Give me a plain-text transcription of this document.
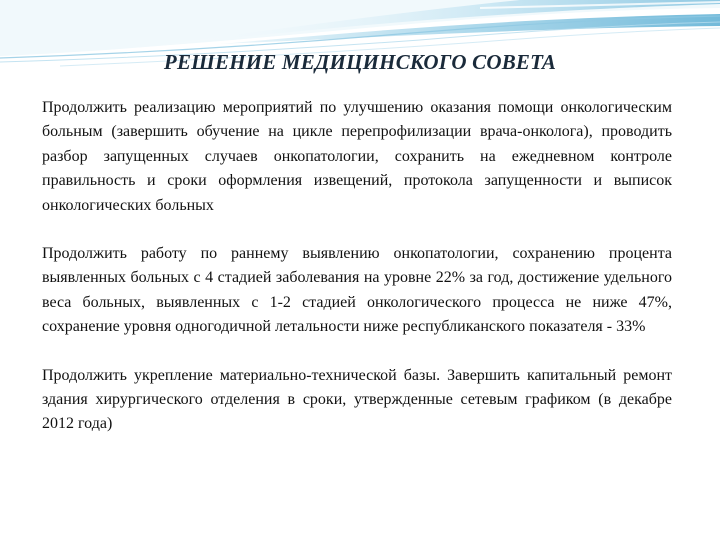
РЕШЕНИЕ МЕДИЦИНСКОГО СОВЕТА

Продолжить реализацию мероприятий по улучшению оказания помощи онкологическим больным (завершить обучение на цикле перепрофилизации врача-онколога), проводить разбор запущенных случаев онкопатологии, сохранить на ежедневном контроле правильность и сроки оформления извещений, протокола запущенности и выписок онкологических больных

Продолжить работу по раннему выявлению онкопатологии, сохранению процента выявленных больных с 4 стадией заболевания на уровне 22% за год, достижение удельного веса больных, выявленных с 1-2 стадией онкологического процесса не ниже 47%, сохранение уровня одногодичной летальности ниже республиканского показателя - 33%

Продолжить укрепление материально-технической базы. Завершить капитальный ремонт здания хирургического отделения в сроки, утвержденные сетевым графиком (в декабре 2012 года)
